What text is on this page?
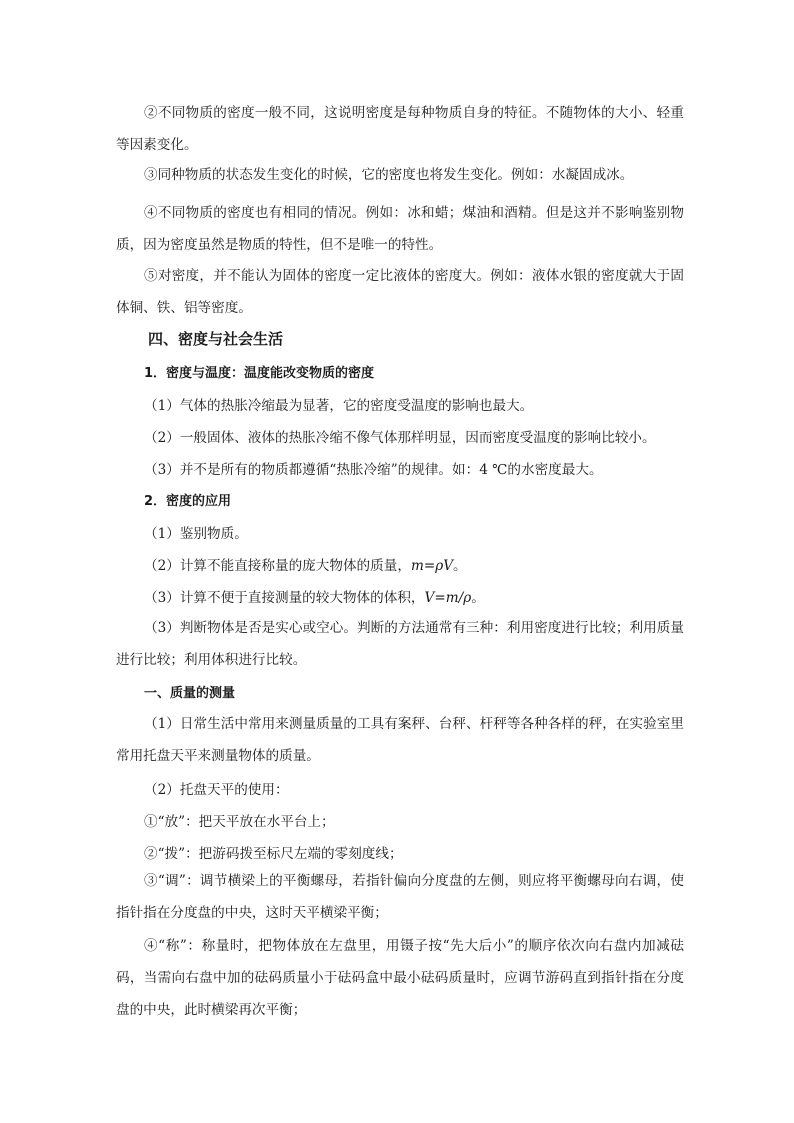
②不同物质的密度一般不同，这说明密度是每种物质自身的特征。不随物体的大小、轻重等因素变化。

③同种物质的状态发生变化的时候，它的密度也将发生变化。例如：水凝固成冰。

④不同物质的密度也有相同的情况。例如：冰和蜡；煤油和酒精。但是这并不影响鉴别物质，因为密度虽然是物质的特性，但不是唯一的特性。

⑤对密度，并不能认为固体的密度一定比液体的密度大。例如：液体水银的密度就大于固体铜、铁、铝等密度。

四、密度与社会生活
1．密度与温度：温度能改变物质的密度

（1）气体的热胀冷缩最为显著，它的密度受温度的影响也最大。

（2）一般固体、液体的热胀冷缩不像气体那样明显，因而密度受温度的影响比较小。

（3）并不是所有的物质都遵循“热胀冷缩”的规律。如：4 ℃的水密度最大。

2．密度的应用

（1）鉴别物质。

（2）计算不能直接称量的庞大物体的质量，m=ρV。

（3）计算不便于直接测量的较大物体的体积，V=m/ρ。

（3）判断物体是否是实心或空心。判断的方法通常有三种：利用密度进行比较；利用质量进行比较；利用体积进行比较。

一、质量的测量

（1）日常生活中常用来测量质量的工具有案秤、台秤、杆秤等各种各样的秤，在实验室里常用托盘天平来测量物体的质量。

（2）托盘天平的使用：

①“放”：把天平放在水平台上；

②“拨”：把游码拨至标尺左端的零刻度线；

③“调”：调节横梁上的平衡螺母，若指针偏向分度盘的左侧，则应将平衡螺母向右调，使指针指在分度盘的中央，这时天平横梁平衡；

④“称”：称量时，把物体放在左盘里，用镊子按“先大后小”的顺序依次向右盘内加减砝码，当需向右盘中加的砝码质量小于砝码盒中最小砝码质量时，应调节游码直到指针指在分度盘的中央，此时横梁再次平衡；
